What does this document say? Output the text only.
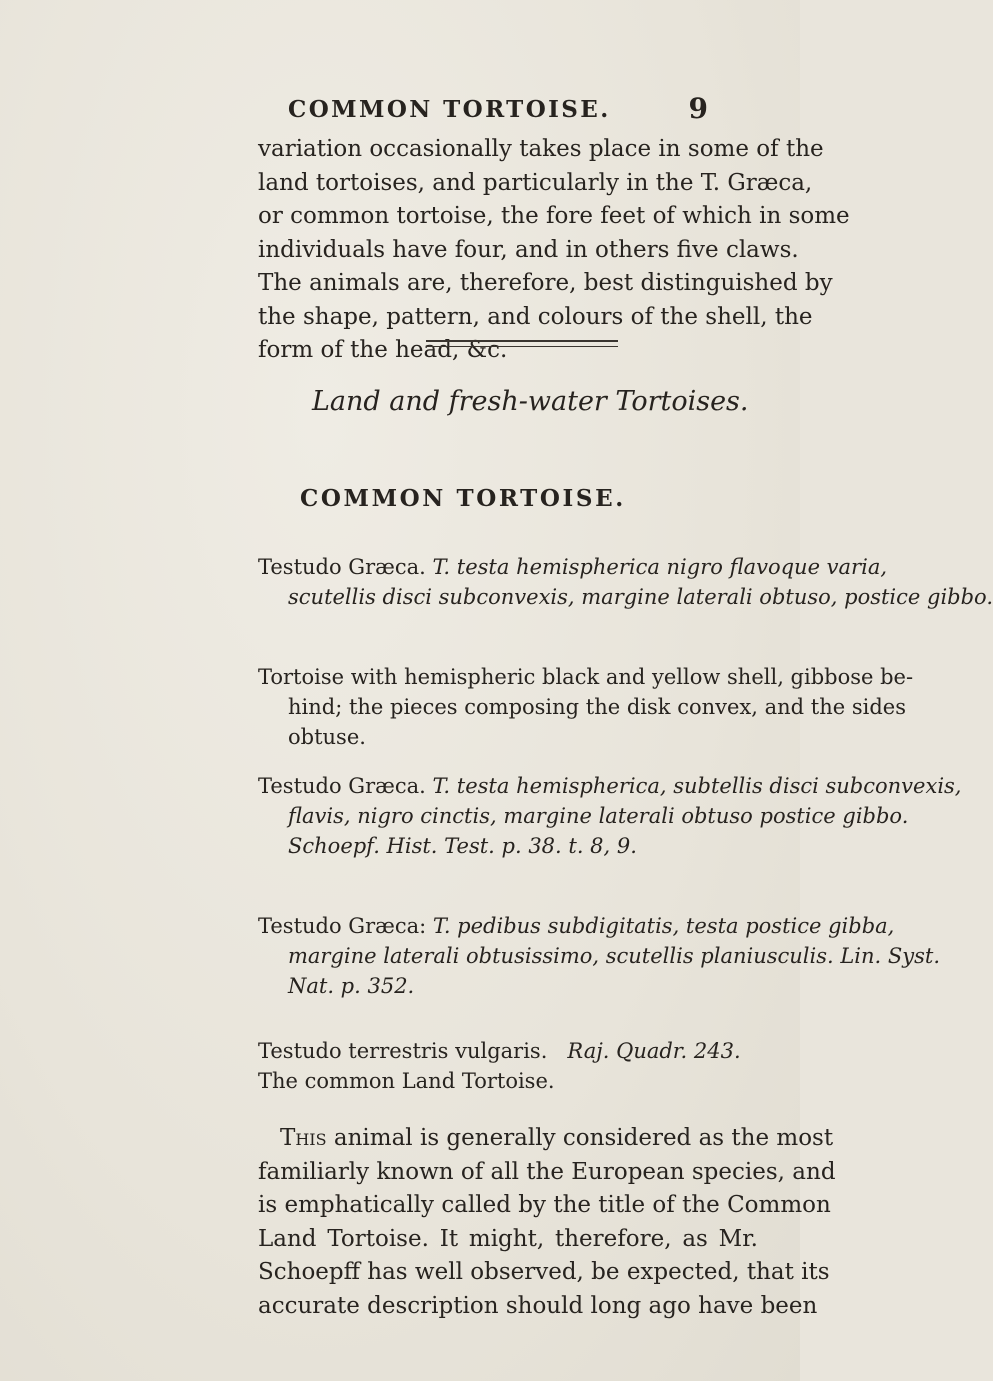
COMMON TORTOISE.	9

variation occasionally takes place in some of the
land tortoises, and particularly in the T. Græca,
or common tortoise, the fore feet of which in some
individuals have four, and in others five claws.
The animals are, therefore, best distinguished by
the shape, pattern, and colours of the shell, the
form of the head, &c.

Land and fresh-water Tortoises.
COMMON TORTOISE.

Testudo Græca. T. testa hemispherica nigro flavoque varia,
scutellis disci subconvexis, margine laterali obtuso, postice gibbo.

Tortoise with hemispheric black and yellow shell, gibbose be-
hind; the pieces composing the disk convex, and the sides
obtuse.

Testudo Græca. T. testa hemispherica, subtellis disci subconvexis,
flavis, nigro cinctis, margine laterali obtuso postice gibbo.
Schoepf. Hist. Test. p. 38. t. 8, 9.

Testudo Græca: T. pedibus subdigitatis, testa postice gibba,
margine laterali obtusissimo, scutellis planiusculis. Lin. Syst.
Nat. p. 352.

Testudo terrestris vulgaris. Raj. Quadr. 243.

The common Land Tortoise.

This animal is generally considered as the most
familiarly known of all the European species, and
is emphatically called by the title of the Common
Land Tortoise. It might, therefore, as Mr.
Schoepff has well observed, be expected, that its
accurate description should long ago have been
